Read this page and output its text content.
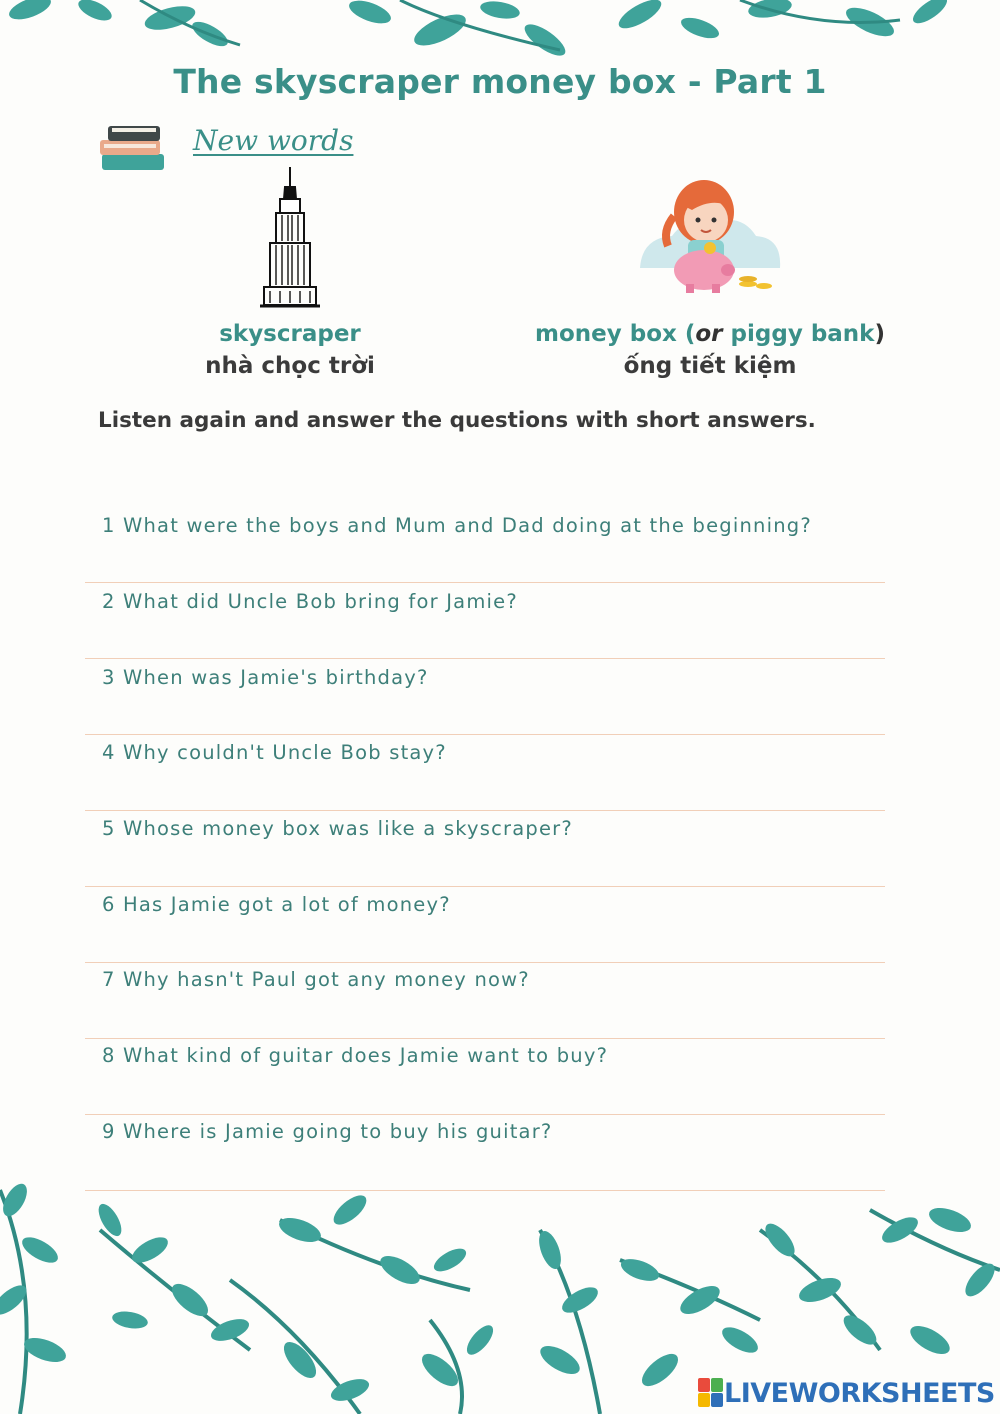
The skyscraper money box - Part 1
New words
skyscraper
nhà chọc trời
money box (or piggy bank)
ống tiết kiệm
Listen again and answer the questions with short answers.
1 What were the boys and Mum and Dad doing at the beginning?
2 What did Uncle Bob bring for Jamie?
3 When was Jamie's birthday?
4 Why couldn't Uncle Bob stay?
5 Whose money box was like a skyscraper?
6 Has Jamie got a lot of money?
7 Why hasn't Paul got any money now?
8 What kind of guitar does Jamie want to buy?
9 Where is Jamie going to buy his guitar?
LIVEWORKSHEETS
